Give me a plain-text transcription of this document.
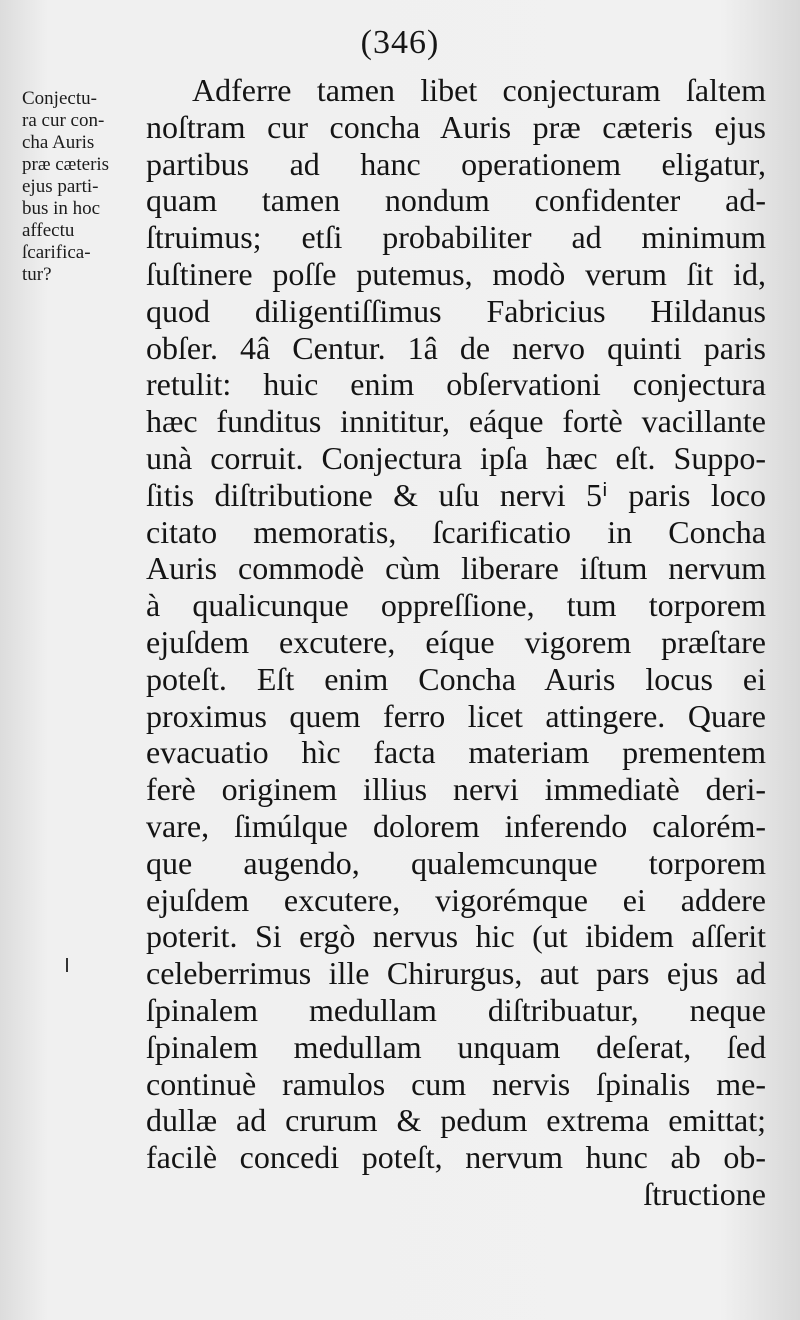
(346)
Conjectu-
ra cur con-
cha Auris
præ cæteris
ejus parti-
bus in hoc
affectu
ſcarifica-
tur?
Adferre tamen libet conjecturam ſaltem
noſtram cur concha Auris præ cæteris ejus
partibus ad hanc operationem eligatur,
quam tamen nondum confidenter ad-
ſtruimus; etſi probabiliter ad minimum
ſuſtinere poſſe putemus, modò verum ſit id,
quod diligentiſſimus Fabricius Hildanus
obſer. 4â Centur. 1â de nervo quinti paris
retulit: huic enim obſervationi conjectura
hæc funditus innititur, eáque fortè vacillante
unà corruit. Conjectura ipſa hæc eſt. Suppo-
ſitis diſtributione & uſu nervi 5ⁱ paris loco
citato memoratis, ſcarificatio in Concha
Auris commodè cùm liberare iſtum nervum
à qualicunque oppreſſione, tum torporem
ejuſdem excutere, eíque vigorem præſtare
poteſt. Eſt enim Concha Auris locus ei
proximus quem ferro licet attingere. Quare
evacuatio hìc facta materiam prementem
ferè originem illius nervi immediatè deri-
vare, ſimúlque dolorem inferendo calorém-
que augendo, qualemcunque torporem
ejuſdem excutere, vigorémque ei addere
poterit. Si ergò nervus hic (ut ibidem aſſerit
celeberrimus ille Chirurgus, aut pars ejus ad
ſpinalem medullam diſtribuatur, neque
ſpinalem medullam unquam deſerat, ſed
continuè ramulos cum nervis ſpinalis me-
dullæ ad crurum & pedum extrema emittat;
facilè concedi poteſt, nervum hunc ab ob-
ſtructione
